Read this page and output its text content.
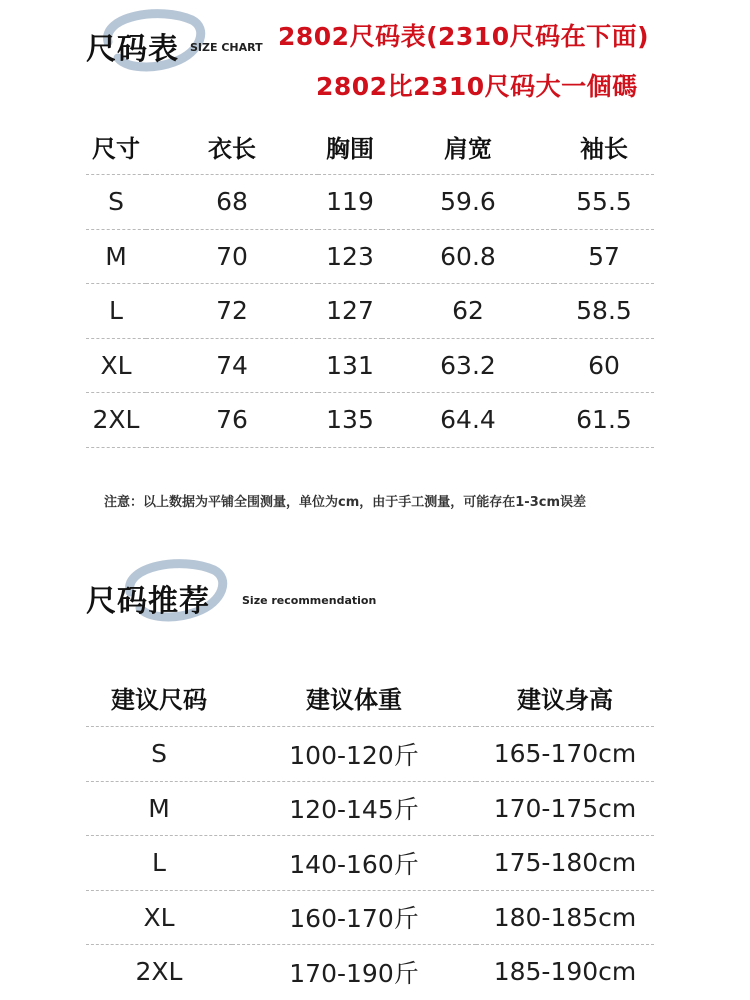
尺码表 SIZE CHART 2802尺码表(2310尺码在下面)
2802比2310尺码大一個碼
尺寸	衣长	胸围	肩宽	袖长
S	68	119	59.6	55.5
M	70	123	60.8	57
L	72	127	62	58.5
XL	74	131	63.2	60
2XL	76	135	64.4	61.5

注意：以上数据为平铺全围测量，单位为cm，由于手工测量，可能存在1-3cm误差
尺码推荐	Size recommendation
建议尺码	建议体重	建议身高
S	100-120斤	165-170cm
M	120-145斤	170-175cm
L	140-160斤	175-180cm
XL	160-170斤	180-185cm
2XL	170-190斤	185-190cm
